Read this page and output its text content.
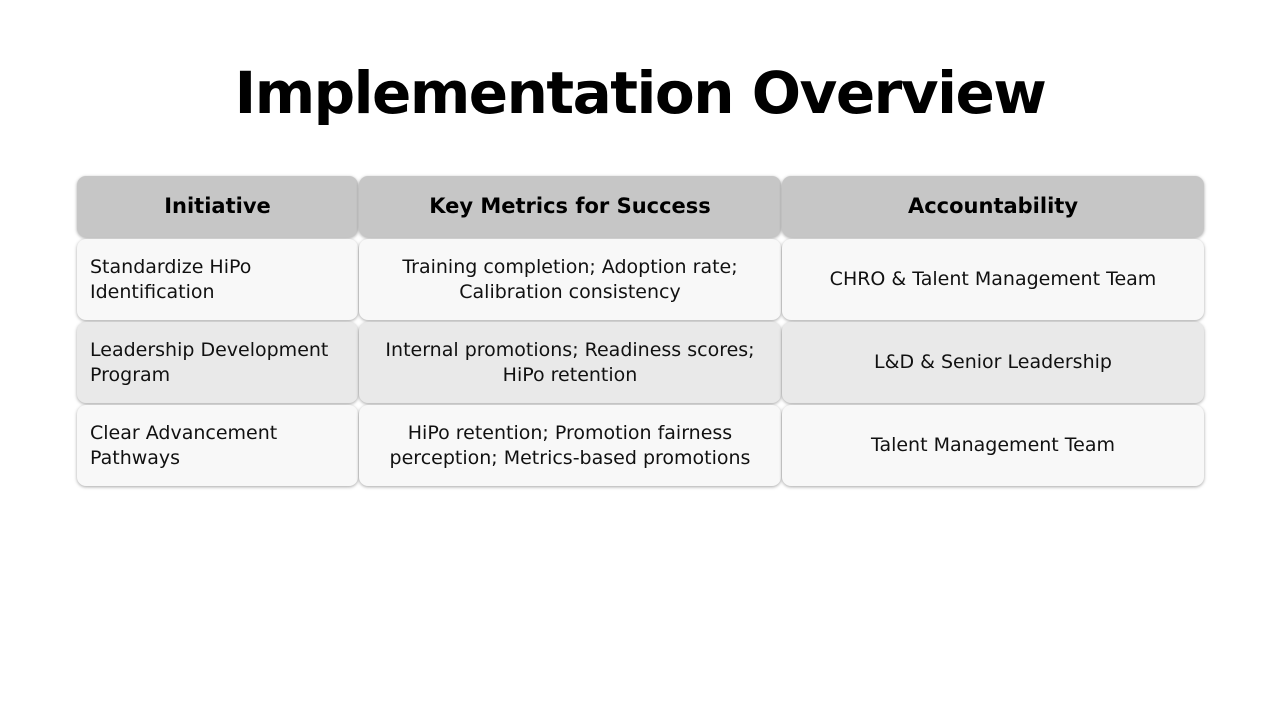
Implementation Overview
Initiative	Key Metrics for Success	Accountability
Standardize HiPo Identification
Training completion; Adoption rate; Calibration consistency
CHRO & Talent Management Team
Leadership Development Program
Internal promotions; Readiness scores; HiPo retention
L&D & Senior Leadership
Clear Advancement Pathways
HiPo retention; Promotion fairness perception; Metrics-based promotions
Talent Management Team
